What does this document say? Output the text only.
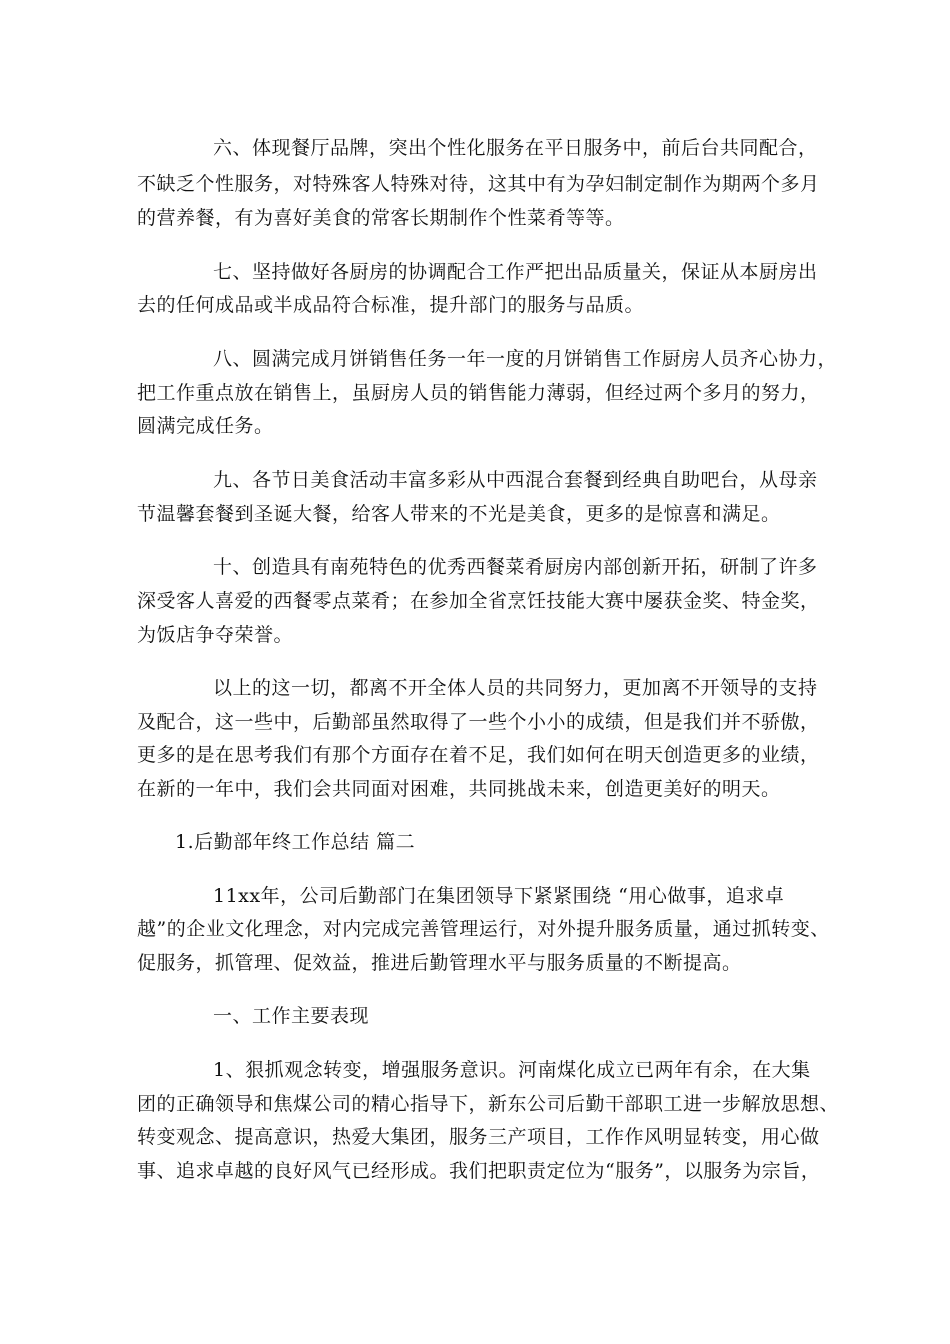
六、体现餐厅品牌，突出个性化服务在平日服务中，前后台共同配合，
不缺乏个性服务，对特殊客人特殊对待，这其中有为孕妇制定制作为期两个多月
的营养餐，有为喜好美食的常客长期制作个性菜肴等等。
七、坚持做好各厨房的协调配合工作严把出品质量关，保证从本厨房出
去的任何成品或半成品符合标准，提升部门的服务与品质。
八、圆满完成月饼销售任务一年一度的月饼销售工作厨房人员齐心协力，
把工作重点放在销售上，虽厨房人员的销售能力薄弱，但经过两个多月的努力，
圆满完成任务。
九、各节日美食活动丰富多彩从中西混合套餐到经典自助吧台，从母亲
节温馨套餐到圣诞大餐，给客人带来的不光是美食，更多的是惊喜和满足。
十、创造具有南苑特色的优秀西餐菜肴厨房内部创新开拓，研制了许多
深受客人喜爱的西餐零点菜肴；在参加全省烹饪技能大赛中屡获金奖、特金奖，
为饭店争夺荣誉。
以上的这一切，都离不开全体人员的共同努力，更加离不开领导的支持
及配合，这一些中，后勤部虽然取得了一些个小小的成绩，但是我们并不骄傲，
更多的是在思考我们有那个方面存在着不足，我们如何在明天创造更多的业绩，
在新的一年中，我们会共同面对困难，共同挑战未来，创造更美好的明天。
1.后勤部年终工作总结 篇二
11xx年，公司后勤部门在集团领导下紧紧围绕 “用心做事，追求卓
越”的企业文化理念，对内完成完善管理运行，对外提升服务质量，通过抓转变、
促服务，抓管理、促效益，推进后勤管理水平与服务质量的不断提高。
一、工作主要表现
1、狠抓观念转变，增强服务意识。河南煤化成立已两年有余，在大集
团的正确领导和焦煤公司的精心指导下，新东公司后勤干部职工进一步解放思想、
转变观念、提高意识，热爱大集团，服务三产项目，工作作风明显转变，用心做
事、追求卓越的良好风气已经形成。我们把职责定位为“服务”，以服务为宗旨，
